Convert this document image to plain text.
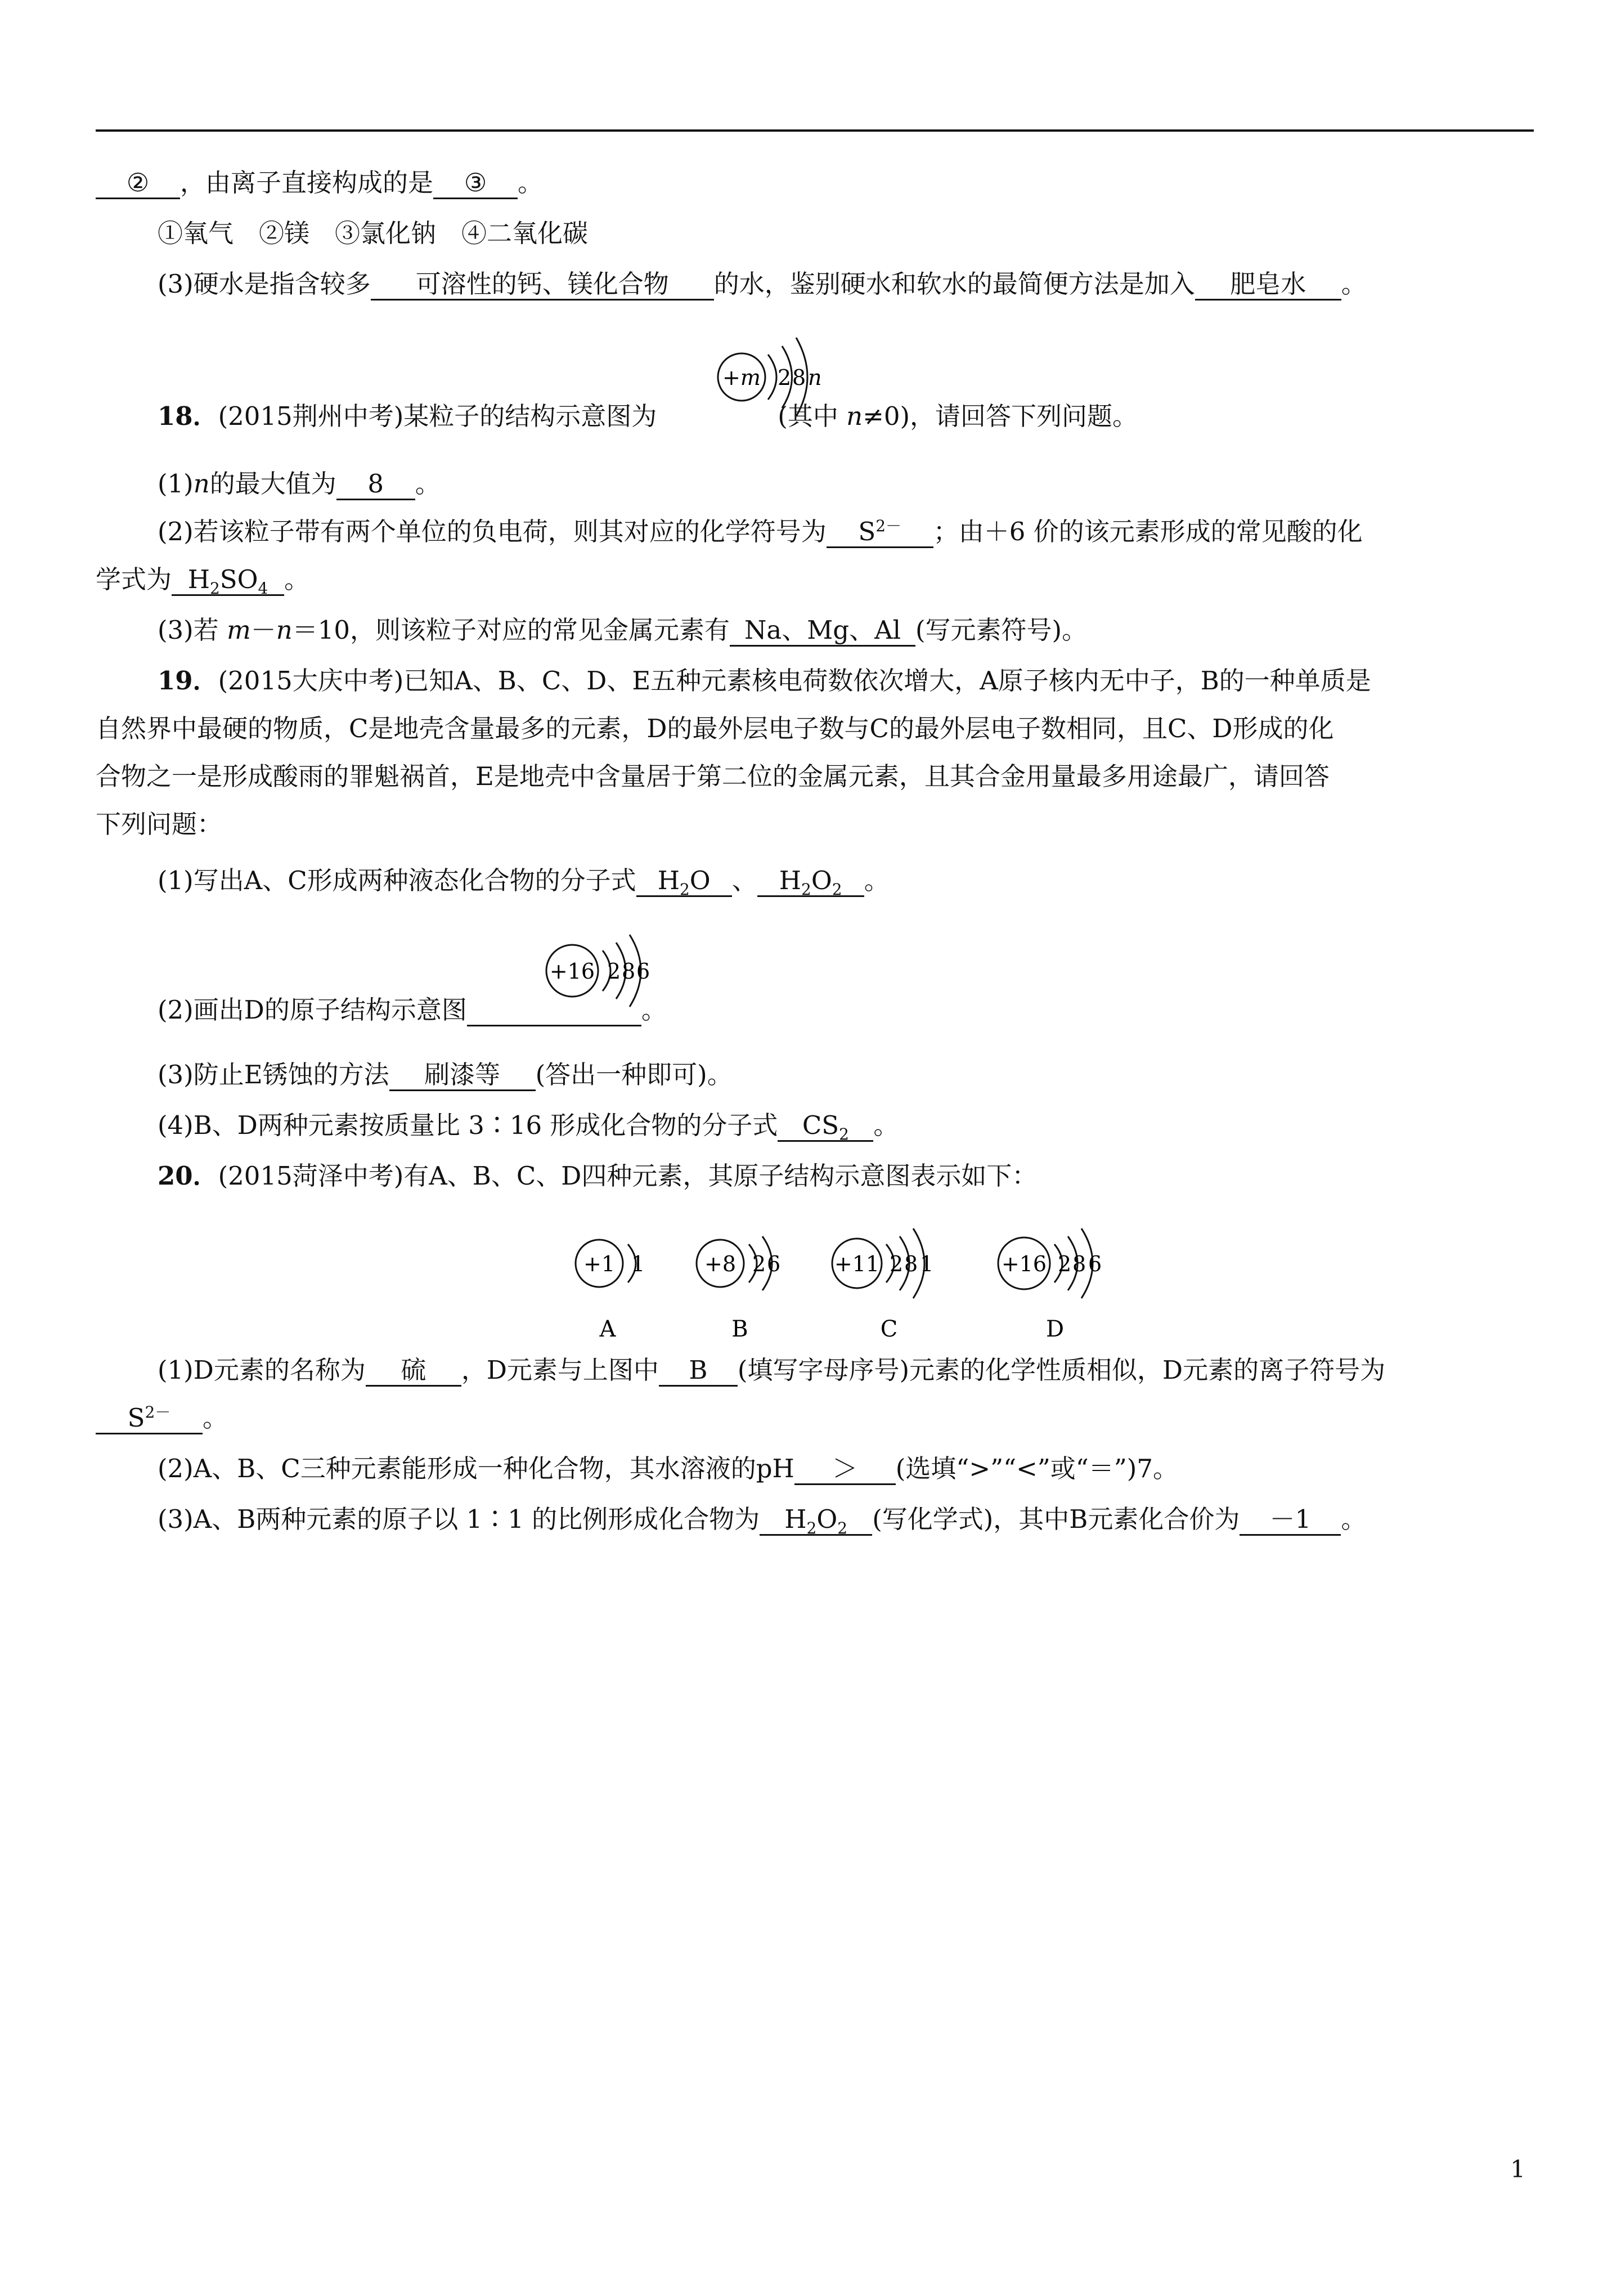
② ，由离子直接构成的是 ③ 。
①氧气　②镁　③氯化钠　④二氧化碳
(3)硬水是指含较多 可溶性的钙、镁化合物 的水，鉴别硬水和软水的最简便方法是加入 肥皂水 。
18．(2015荆州中考)某粒子的结构示意图为	(其中 n≠0)，请回答下列问题。
+m 2 8 n
(1)n的最大值为 8 。
(2)若该粒子带有两个单位的负电荷，则其对应的化学符号为 $S^{2-}$ ；由＋6 价的该元素形成的常见酸的化
学式为 $H_2SO_4$ 。
(3)若 m－n＝10，则该粒子对应的常见金属元素有 Na、Mg、Al (写元素符号)。
19．(2015大庆中考)已知A、B、C、D、E五种元素核电荷数依次增大，A原子核内无中子，B的一种单质是
自然界中最硬的物质，C是地壳含量最多的元素，D的最外层电子数与C的最外层电子数相同，且C、D形成的化
合物之一是形成酸雨的罪魁祸首，E是地壳中含量居于第二位的金属元素，且其合金用量最多用途最广，请回答
下列问题：
(1)写出A、C形成两种液态化合物的分子式 $H_2O$ 、 $H_2O_2$ 。
(2)画出D的原子结构示意图	。
+16 2 8 6
(3)防止E锈蚀的方法 刷漆等 (答出一种即可)。
(4)B、D两种元素按质量比 3∶16 形成化合物的分子式 $CS_2$ 。
20．(2015菏泽中考)有A、B、C、D四种元素，其原子结构示意图表示如下：
+1 1
A
+8 2 6
B
+11 2 8 1
C
+16 2 8 6
D
(1)D元素的名称为 硫 ，D元素与上图中 B (填写字母序号)元素的化学性质相似，D元素的离子符号为
$S^{2-}$ 。
(2)A、B、C三种元素能形成一种化合物，其水溶液的pH ＞ (选填“>”“<”或“＝”)7。
(3)A、B两种元素的原子以 1∶1 的比例形成化合物为 $H_2O_2$ (写化学式)，其中B元素化合价为 －1 。
1
